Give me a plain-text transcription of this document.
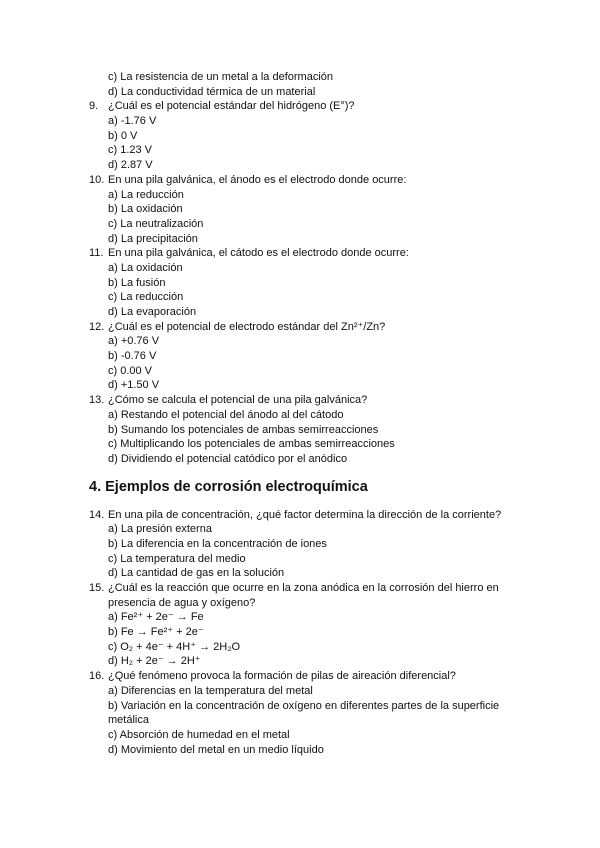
c) La resistencia de un metal a la deformación
d) La conductividad térmica de un material
9. ¿Cuál es el potencial estándar del hidrógeno (E°)?
a) -1.76 V
b) 0 V
c) 1.23 V
d) 2.87 V
10. En una pila galvánica, el ánodo es el electrodo donde ocurre:
a) La reducción
b) La oxidación
c) La neutralización
d) La precipitación
11. En una pila galvánica, el cátodo es el electrodo donde ocurre:
a) La oxidación
b) La fusión
c) La reducción
d) La evaporación
12. ¿Cuál es el potencial de electrodo estándar del Zn²⁺/Zn?
a) +0.76 V
b) -0.76 V
c) 0.00 V
d) +1.50 V
13. ¿Cómo se calcula el potencial de una pila galvánica?
a) Restando el potencial del ánodo al del cátodo
b) Sumando los potenciales de ambas semirreacciones
c) Multiplicando los potenciales de ambas semirreacciones
d) Dividiendo el potencial catódico por el anódico
4. Ejemplos de corrosión electroquímica
14. En una pila de concentración, ¿qué factor determina la dirección de la corriente?
a) La presión externa
b) La diferencia en la concentración de iones
c) La temperatura del medio
d) La cantidad de gas en la solución
15. ¿Cuál es la reacción que ocurre en la zona anódica en la corrosión del hierro en
presencia de agua y oxígeno?
a) Fe²⁺ + 2e⁻ → Fe
b) Fe → Fe²⁺ + 2e⁻
c) O₂ + 4e⁻ + 4H⁺ → 2H₂O
d) H₂ + 2e⁻ → 2H⁺
16. ¿Qué fenómeno provoca la formación de pilas de aireación diferencial?
a) Diferencias en la temperatura del metal
b) Variación en la concentración de oxígeno en diferentes partes de la superficie
metálica
c) Absorción de humedad en el metal
d) Movimiento del metal en un medio líquido
